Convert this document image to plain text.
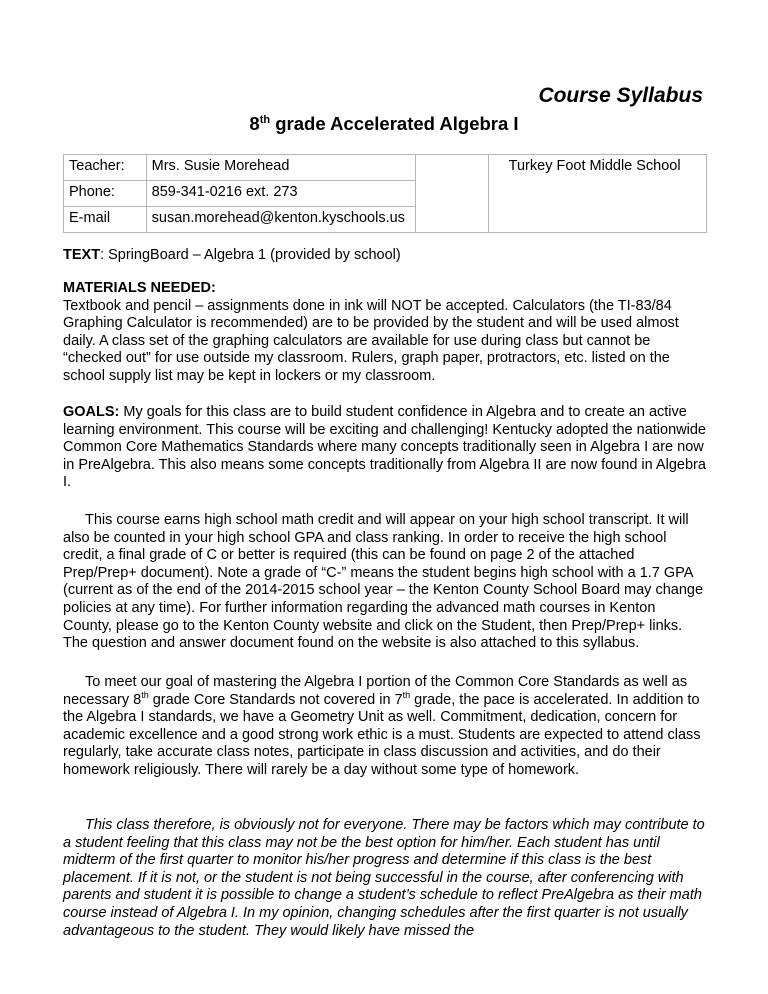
Course Syllabus

8th grade Accelerated Algebra I

Teacher:	Mrs. Susie Morehead		Turkey Foot Middle School
Phone:	859-341-0216 ext. 273		
E-mail	susan.morehead@kenton.kyschools.us		

TEXT: SpringBoard – Algebra 1 (provided by school)

MATERIALS NEEDED:
Textbook and pencil – assignments done in ink will NOT be accepted. Calculators (the TI-83/84 Graphing Calculator is recommended) are to be provided by the student and will be used almost daily. A class set of the graphing calculators are available for use during class but cannot be “checked out” for use outside my classroom. Rulers, graph paper, protractors, etc. listed on the school supply list may be kept in lockers or my classroom.

GOALS: My goals for this class are to build student confidence in Algebra and to create an active learning environment. This course will be exciting and challenging! Kentucky adopted the nationwide Common Core Mathematics Standards where many concepts traditionally seen in Algebra I are now in PreAlgebra. This also means some concepts traditionally from Algebra II are now found in Algebra I.

This course earns high school math credit and will appear on your high school transcript. It will also be counted in your high school GPA and class ranking. In order to receive the high school credit, a final grade of C or better is required (this can be found on page 2 of the attached Prep/Prep+ document). Note a grade of “C-” means the student begins high school with a 1.7 GPA (current as of the end of the 2014-2015 school year – the Kenton County School Board may change policies at any time). For further information regarding the advanced math courses in Kenton County, please go to the Kenton County website and click on the Student, then Prep/Prep+ links. The question and answer document found on the website is also attached to this syllabus.

To meet our goal of mastering the Algebra I portion of the Common Core Standards as well as necessary 8th grade Core Standards not covered in 7th grade, the pace is accelerated. In addition to the Algebra I standards, we have a Geometry Unit as well. Commitment, dedication, concern for academic excellence and a good strong work ethic is a must. Students are expected to attend class regularly, take accurate class notes, participate in class discussion and activities, and do their homework religiously. There will rarely be a day without some type of homework.

This class therefore, is obviously not for everyone. There may be factors which may contribute to a student feeling that this class may not be the best option for him/her. Each student has until midterm of the first quarter to monitor his/her progress and determine if this class is the best placement. If it is not, or the student is not being successful in the course, after conferencing with parents and student it is possible to change a student’s schedule to reflect PreAlgebra as their math course instead of Algebra I. In my opinion, changing schedules after the first quarter is not usually advantageous to the student. They would likely have missed the
